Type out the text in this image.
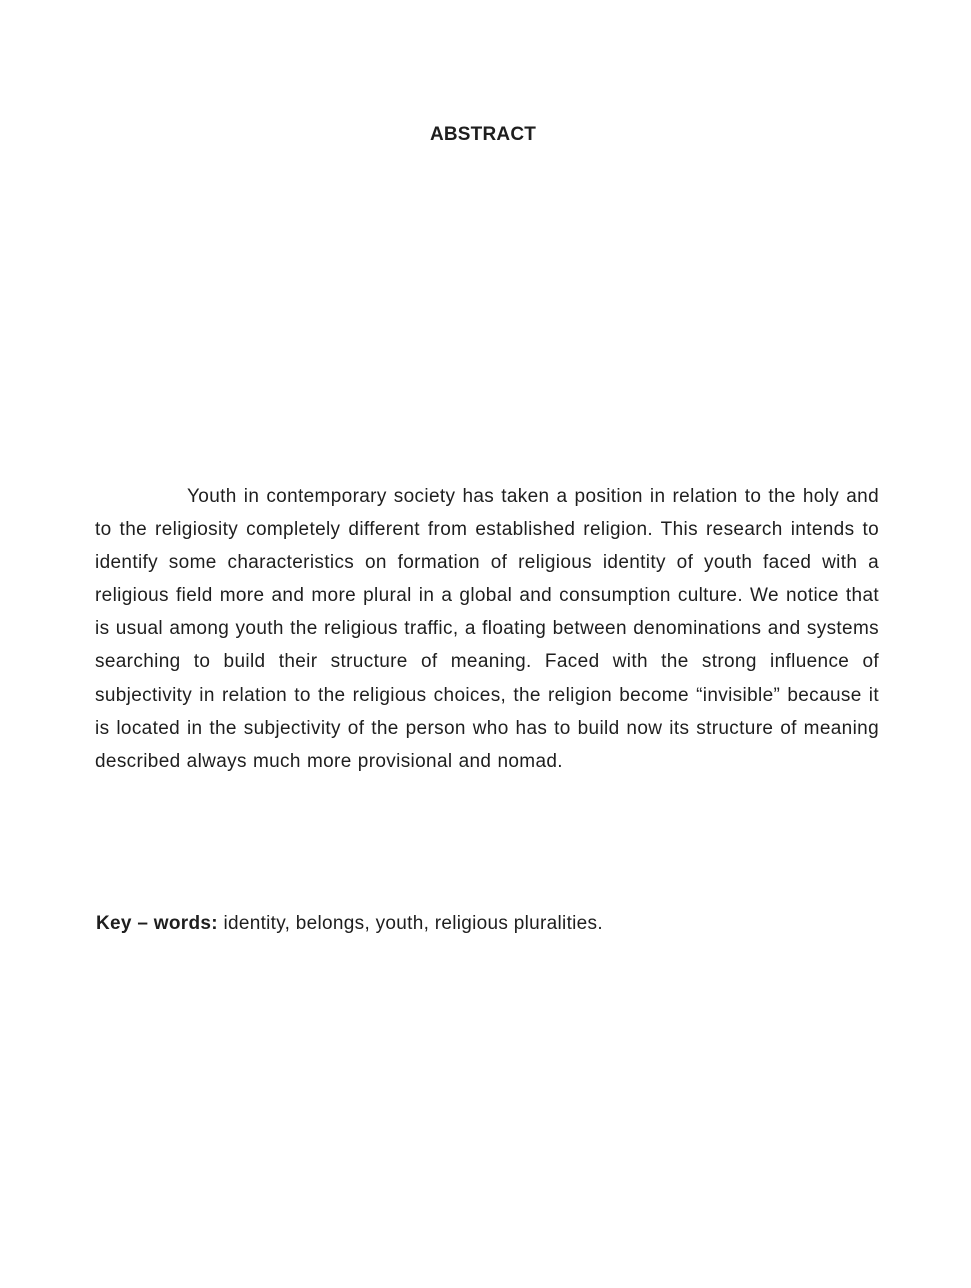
ABSTRACT

Youth in contemporary society has taken a position in relation to the holy and to the religiosity completely different from established religion. This research intends to identify some characteristics on formation of religious identity of youth faced with a religious field more and more plural in a global and consumption culture. We notice that is usual among youth the religious traffic, a floating between denominations and systems searching to build their structure of meaning. Faced with the strong influence of subjectivity in relation to the religious choices, the religion become “invisible” because it is located in the subjectivity of the person who has to build now its structure of meaning described always much more provisional and nomad.

Key – words: identity, belongs, youth, religious pluralities.
